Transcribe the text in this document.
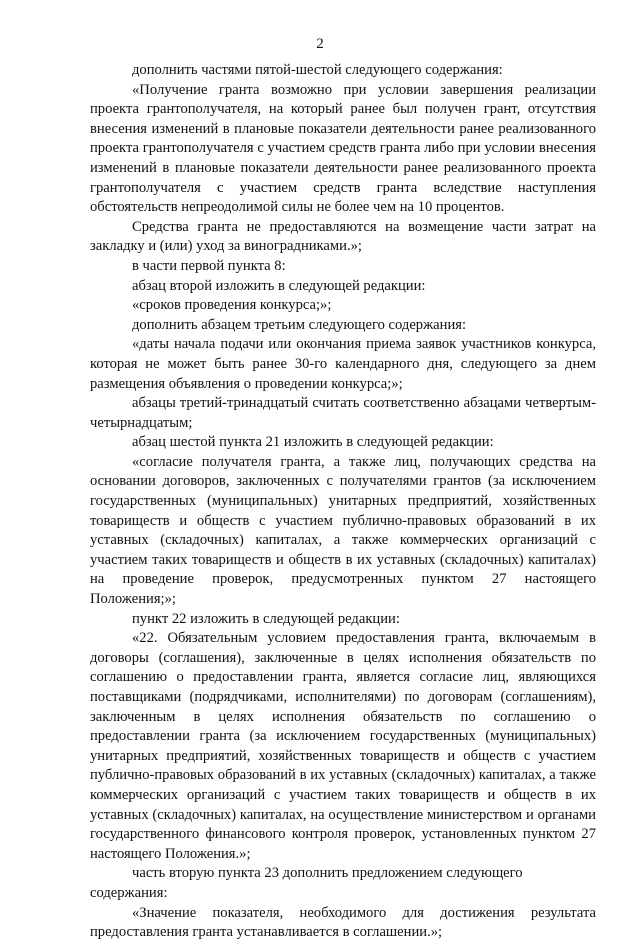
2

дополнить частями пятой-шестой следующего содержания:

«Получение гранта возможно при условии завершения реализации проекта грантополучателя, на который ранее был получен грант, отсутствия внесения изменений в плановые показатели деятельности ранее реализованного проекта грантополучателя с участием средств гранта либо при условии внесения изменений в плановые показатели деятельности ранее реализованного проекта грантополучателя с участием средств гранта вследствие наступления обстоятельств непреодолимой силы не более чем на 10 процентов.

Средства гранта не предоставляются на возмещение части затрат на закладку и (или) уход за виноградниками.»;

в части первой пункта 8:

абзац второй изложить в следующей редакции:

«сроков проведения конкурса;»;

дополнить абзацем третьим следующего содержания:

«даты начала подачи или окончания приема заявок участников конкурса, которая не может быть ранее 30-го календарного дня, следующего за днем размещения объявления о проведении конкурса;»;

абзацы третий-тринадцатый считать соответственно абзацами четвертым-четырнадцатым;

абзац шестой пункта 21 изложить в следующей редакции:

«согласие получателя гранта, а также лиц, получающих средства на основании договоров, заключенных с получателями грантов (за исключением государственных (муниципальных) унитарных предприятий, хозяйственных товариществ и обществ с участием публично-правовых образований в их уставных (складочных) капиталах, а также коммерческих организаций с участием таких товариществ и обществ в их уставных (складочных) капиталах) на проведение проверок, предусмотренных пунктом 27 настоящего Положения;»;

пункт 22 изложить в следующей редакции:

«22. Обязательным условием предоставления гранта, включаемым в договоры (соглашения), заключенные в целях исполнения обязательств по соглашению о предоставлении гранта, является согласие лиц, являющихся поставщиками (подрядчиками, исполнителями) по договорам (соглашениям), заключенным в целях исполнения обязательств по соглашению о предоставлении гранта (за исключением государственных (муниципальных) унитарных предприятий, хозяйственных товариществ и обществ с участием публично-правовых образований в их уставных (складочных) капиталах, а также коммерческих организаций с участием таких товариществ и обществ в их уставных (складочных) капиталах, на осуществление министерством и органами государственного финансового контроля проверок, установленных пунктом 27 настоящего Положения.»;

часть вторую пункта 23 дополнить предложением следующего содержания:

«Значение показателя, необходимого для достижения результата предоставления гранта устанавливается в соглашении.»;
